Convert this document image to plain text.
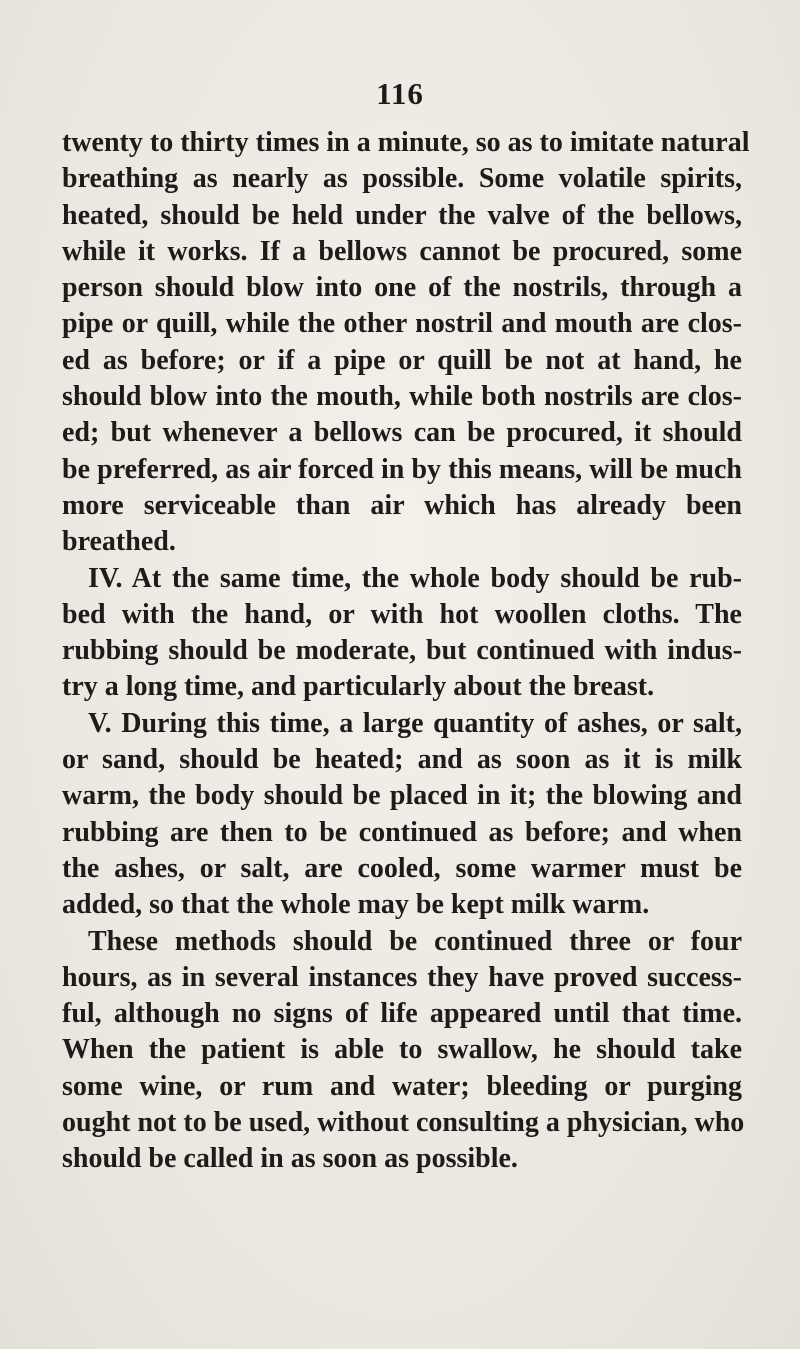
116
twenty to thirty times in a minute, so as to imitate natural
breathing as nearly as possible. Some volatile spirits,
heated, should be held under the valve of the bellows,
while it works. If a bellows cannot be procured, some
person should blow into one of the nostrils, through a
pipe or quill, while the other nostril and mouth are clos-
ed as before; or if a pipe or quill be not at hand, he
should blow into the mouth, while both nostrils are clos-
ed; but whenever a bellows can be procured, it should
be preferred, as air forced in by this means, will be much
more serviceable than air which has already been
breathed.
IV. At the same time, the whole body should be rub-
bed with the hand, or with hot woollen cloths. The
rubbing should be moderate, but continued with indus-
try a long time, and particularly about the breast.
V. During this time, a large quantity of ashes, or salt,
or sand, should be heated; and as soon as it is milk
warm, the body should be placed in it; the blowing and
rubbing are then to be continued as before; and when
the ashes, or salt, are cooled, some warmer must be
added, so that the whole may be kept milk warm.
These methods should be continued three or four
hours, as in several instances they have proved success-
ful, although no signs of life appeared until that time.
When the patient is able to swallow, he should take
some wine, or rum and water; bleeding or purging
ought not to be used, without consulting a physician, who
should be called in as soon as possible.
